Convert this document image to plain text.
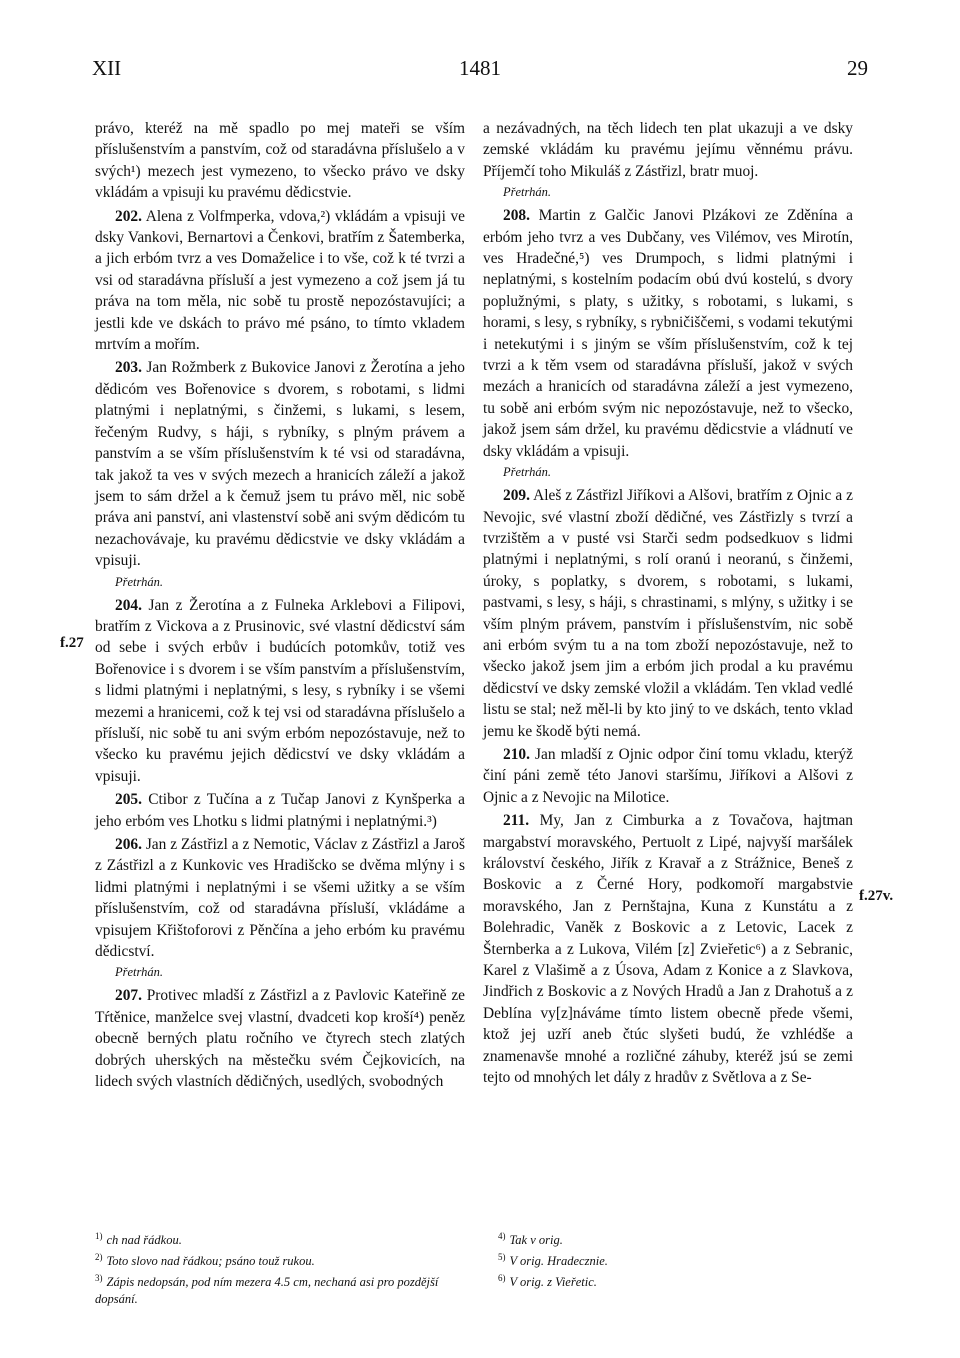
XII	1481	29
f.27
f.27v.

právo, kteréž na mě spadlo po mej mateři se vším příslušenstvím a panstvím, což od staradávna příslušelo a v svých¹) mezech jest vymezeno, to všecko právo ve dsky vkládám a vpisuji ku pravému dědicstvie.

202. Alena z Volfmperka, vdova,²) vkládám a vpisuji ve dsky Vankovi, Bernartovi a Čenkovi, bratřím z Šatemberka, a jich erbóm tvrz a ves Domaželice i to vše, což k té tvrzi a vsi od staradávna přísluší a jest vymezeno a což jsem já tu práva na tom měla, nic sobě tu prostě nepozóstavujíci; a jestli kde ve dskách to právo mé psáno, to tímto vkladem mrtvím a mořím.

203. Jan Rožmberk z Bukovice Janovi z Žerotína a jeho dědicóm ves Bořenovice s dvorem, s robotami, s lidmi platnými i neplatnými, s činžemi, s lukami, s lesem, řečeným Rudvy, s háji, s rybníky, s plným právem a panstvím a se vším příslušenstvím k té vsi od staradávna, tak jakož ta ves v svých mezech a hranicích záleží a jakož jsem to sám držel a k čemuž jsem tu právo měl, nic sobě práva ani panství, ani vlastenství sobě ani svým dědicóm tu nezachovávaje, ku pravému dědicstvie ve dsky vkládám a vpisuji.
Přetrhán.

204. Jan z Žerotína a z Fulneka Arklebovi a Filipovi, bratřím z Vickova a z Prusinovic, své vlastní dědicství sám od sebe i svých erbův i budúcích potomkův, totiž ves Bořenovice i s dvorem i se vším panstvím a příslušenstvím, s lidmi platnými i neplatnými, s lesy, s rybníky i se všemi mezemi a hranicemi, což k tej vsi od staradávna příslušelo a přísluší, nic sobě tu ani svým erbóm nepozóstavuje, než to všecko ku pravému jejich dědicství ve dsky vkládám a vpisuji.

205. Ctibor z Tučína a z Tučap Janovi z Kynšperka a jeho erbóm ves Lhotku s lidmi platnými i neplatnými.³)

206. Jan z Zástřizl a z Nemotic, Václav z Zástřizl a Jaroš z Zástřizl a z Kunkovic ves Hradišcko se dvěma mlýny i s lidmi platnými i neplatnými i se všemi užitky a se vším příslušenstvím, což od staradávna přísluší, vkládáme a vpisujem Křištoforovi z Pěnčína a jeho erbóm ku pravému dědicství.
Přetrhán.

207. Protivec mladší z Zástřizl a z Pavlovic Kateřině ze Tŕtěnice, manželce svej vlastní, dvadceti kop kroší⁴) peněz obecně berných platu ročního ve čtyrech stech zlatých dobrých uherských na městečku svém Čejkovicích, na lidech svých vlastních dědičných, usedlých, svobodných

a nezávadných, na těch lidech ten plat ukazuji a ve dsky zemské vkládám ku pravému jejímu věnnému právu. Příjemčí toho Mikuláš z Zástřizl, bratr muoj.
Přetrhán.

208. Martin z Galčic Janovi Plzákovi ze Zděnína a erbóm jeho tvrz a ves Dubčany, ves Vilémov, ves Mirotín, ves Hradečné,⁵) ves Drumpoch, s lidmi platnými i neplatnými, s kostelním podacím obú dvú kostelú, s dvory poplužnými, s platy, s užitky, s robotami, s lukami, s horami, s lesy, s rybníky, s rybničiščemi, s vodami tekutými i netekutými i s jiným se vším příslušenstvím, což k tej tvrzi a k těm vsem od staradávna přísluší, jakož v svých mezách a hranicích od staradávna záleží a jest vymezeno, tu sobě ani erbóm svým nic nepozóstavuje, než to všecko, jakož jsem sám držel, ku pravému dědicstvie a vládnutí ve dsky vkládám a vpisuji.
Přetrhán.

209. Aleš z Zástřizl Jiříkovi a Alšovi, bratřím z Ojnic a z Nevojic, své vlastní zboží dědičné, ves Zástřizly s tvrzí a tvrzištěm a v pusté vsi Starči sedm podsedkuov s lidmi platnými i neplatnými, s rolí oranú i neoranú, s činžemi, úroky, s poplatky, s dvorem, s robotami, s lukami, pastvami, s lesy, s háji, s chrastinami, s mlýny, s užitky i se vším plným právem, panstvím i příslušenstvím, nic sobě ani erbóm svým tu a na tom zboží nepozóstavuje, než to všecko jakož jsem jim a erbóm jich prodal a ku pravému dědicství ve dsky zemské vložil a vkládám. Ten vklad vedlé listu se stal; než měl-li by kto jiný to ve dskách, tento vklad jemu ke škodě býti nemá.

210. Jan mladší z Ojnic odpor činí tomu vkladu, kterýž činí páni země této Janovi staršímu, Jiříkovi a Alšovi z Ojnic a z Nevojic na Milotice.

211. My, Jan z Cimburka a z Tovačova, hajtman margabství moravského, Pertuolt z Lipé, najvyší maršálek království českého, Jiřík z Kravař a z Strážnice, Beneš z Boskovic a z Černé Hory, podkomoří margabstvie moravského, Jan z Pernštajna, Kuna z Kunstátu a z Bolehradic, Vaněk z Boskovic a z Letovic, Lacek z Šternberka a z Lukova, Vilém [z] Zvieřetic⁶) a z Sebranic, Karel z Vlašimě a z Úsova, Adam z Konice a z Slavkova, Jindřich z Boskovic a z Nových Hradů a Jan z Drahotuš a z Deblína vy[z]náváme tímto listem obecně přede všemi, ktož jej uzří aneb čtúc slyšeti budú, že vzhlédše a znamenavše mnohé a rozličné záhuby, kteréž jsú se zemi tejto od mnohých let dály z hradův z Světlova a z Se-

$^{1)}$ ch nad řádkou.
$^{2)}$ Toto slovo nad řádkou; psáno touž rukou.
$^{3)}$ Zápis nedopsán, pod ním mezera 4.5 cm, nechaná asi pro pozdější dopsání.
$^{4)}$ Tak v orig.
$^{5)}$ V orig. Hradecznie.
$^{6)}$ V orig. z Vieřetic.
